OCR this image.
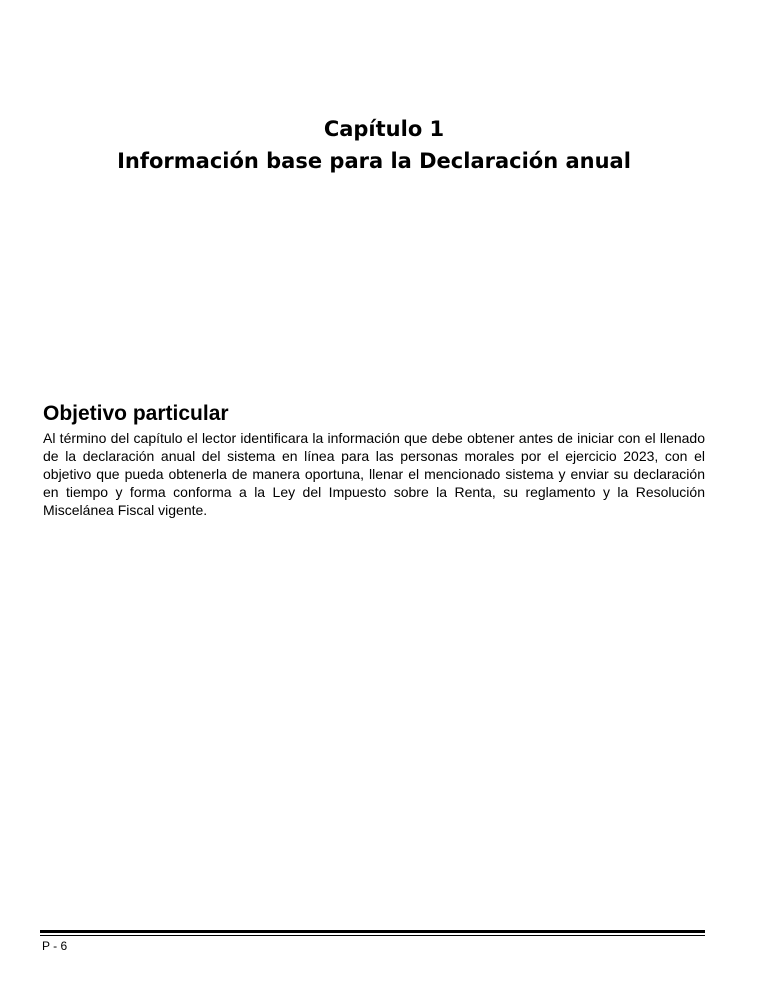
Capítulo 1
Información base para la Declaración anual
Objetivo particular

Al término del capítulo el lector identificara la información que debe obtener antes de iniciar con el llenado de la declaración anual del sistema en línea para las personas morales por el ejercicio 2023, con el objetivo que pueda obtenerla de manera oportuna, llenar el mencionado sistema y enviar su declaración en tiempo y forma conforma a la Ley del Impuesto sobre la Renta, su reglamento y la Resolución Miscelánea Fiscal vigente.

P - 6
